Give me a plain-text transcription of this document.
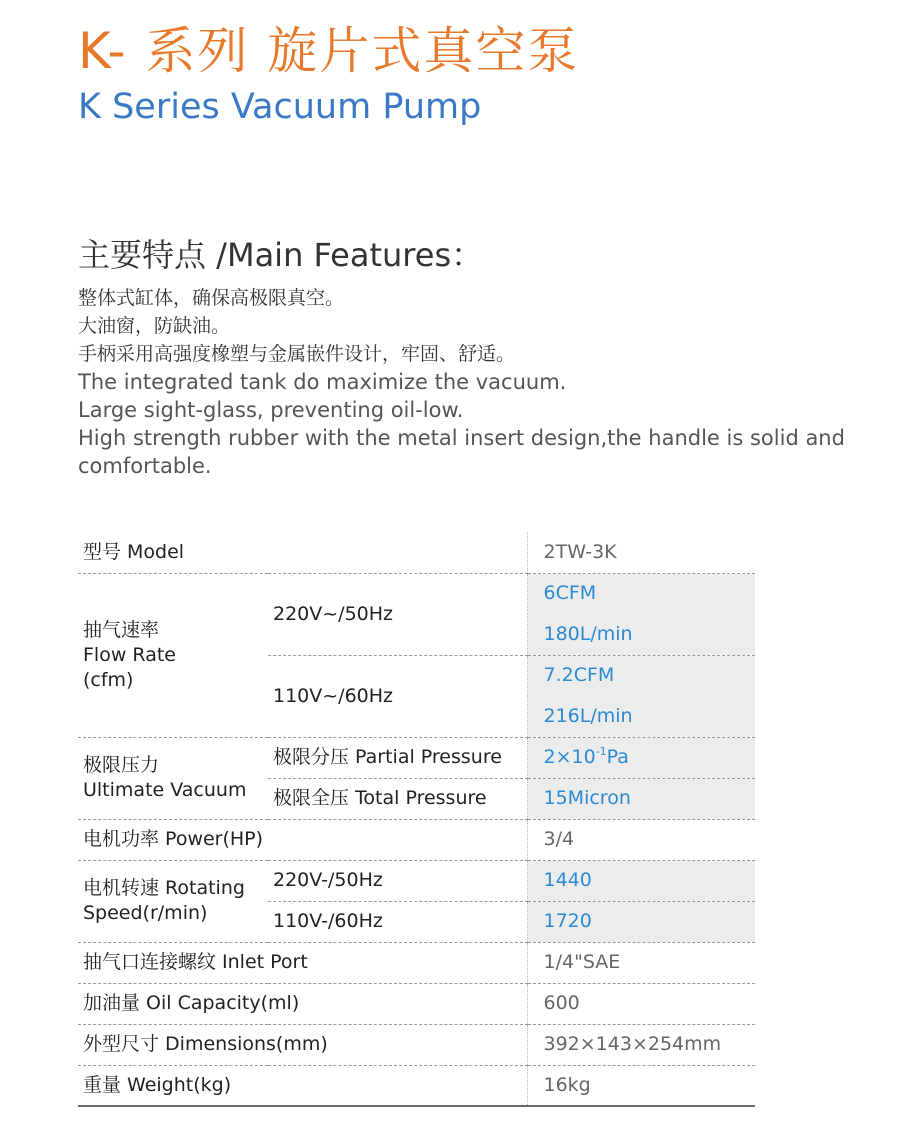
K- 系列 旋片式真空泵
K Series Vacuum Pump
主要特点 /Main Features：
整体式缸体，确保高极限真空。
大油窗，防缺油。
手柄采用高强度橡塑与金属嵌件设计，牢固、舒适。
The integrated tank do maximize the vacuum.
Large sight-glass, preventing oil-low.
High strength rubber with the metal insert design,the handle is solid and comfortable.
型号 Model		2TW-3K

抽气速率
Flow Rate
(cfm)	220V~/50Hz	6CFM
		180L/min
	110V~/60Hz	7.2CFM
		216L/min

极限压力
Ultimate Vacuum	极限分压 Partial Pressure	$2\times 10^{-1}Pa$
	极限全压 Total Pressure	15Micron
电机功率 Power(HP)		3/4

电机转速 Rotating
Speed(r/min)	220V-/50Hz	1440
	110V-/60Hz	1720
抽气口连接螺纹 Inlet Port		1/4"SAE
加油量 Oil Capacity(ml)		600
外型尺寸 Dimensions(mm)		392×143×254mm
重量 Weight(kg)		16kg
